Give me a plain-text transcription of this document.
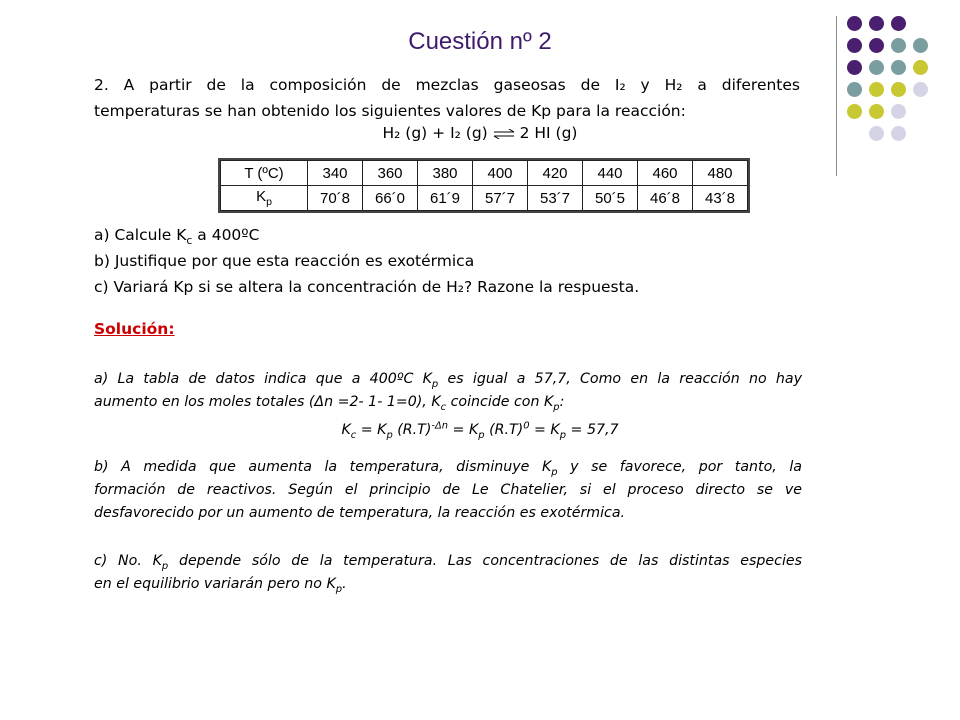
Cuestión nº 2
2. A partir de la composición de mezclas gaseosas de I₂ y H₂ a diferentes
temperaturas se han obtenido los siguientes valores de Kp para la reacción:
H₂ (g) + I₂ (g) ⇌ 2 HI (g)
T (ºC)	340	360	380	400	420	440	460	480
$K_p$	70´8	66´0	61´9	57´7	53´7	50´5	46´8	43´8
a) Calcule $K_c$ a 400ºC
b) Justifique por que esta reacción es exotérmica
c) Variará Kp si se altera la concentración de H₂? Razone la respuesta.
Solución:
a) La tabla de datos indica que a 400ºC $K_p$ es igual a 57,7, Como en la reacción no hay
aumento en los moles totales (Δn =2- 1- 1=0), $K_c$ coincide con $K_p$:
$K_c = K_p$ $(R.T)^{-\Delta n} = K_p$ $(R.T)^0 = K_p = 57,7$
b) A medida que aumenta la temperatura, disminuye $K_p$ y se favorece, por tanto, la
formación de reactivos. Según el principio de Le Chatelier, si el proceso directo se ve
desfavorecido por un aumento de temperatura, la reacción es exotérmica.
c) No. $K_p$ depende sólo de la temperatura. Las concentraciones de las distintas especies
en el equilibrio variarán pero no $K_p$.
